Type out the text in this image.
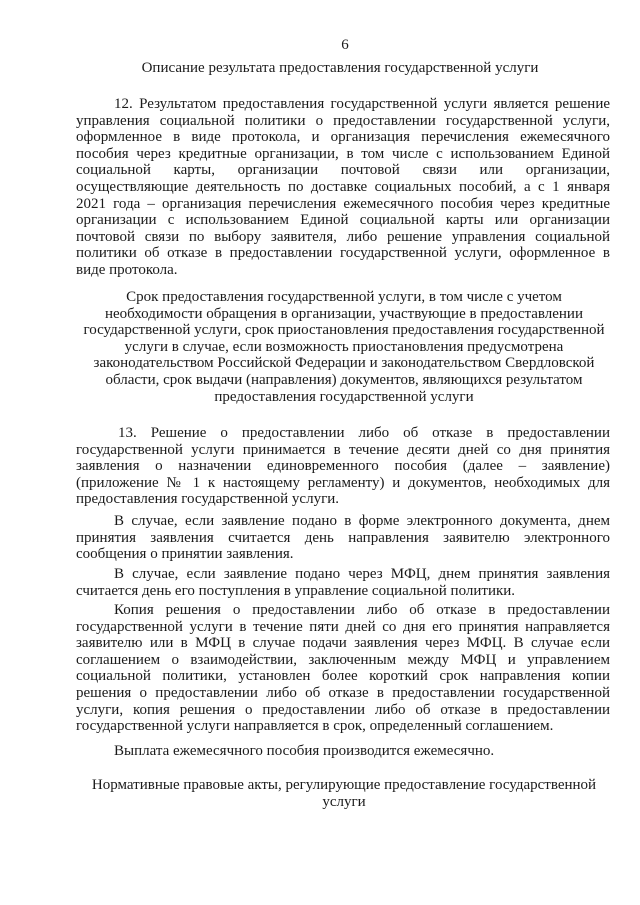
6
Описание результата предоставления государственной услуги

12. Результатом предоставления государственной услуги является решение управления социальной политики о предоставлении государственной услуги, оформленное в виде протокола, и организация перечисления ежемесячного пособия через кредитные организации, в том числе с использованием Единой социальной карты, организации почтовой связи или организации, осуществляющие деятельность по доставке социальных пособий, а с 1 января 2021 года – организация перечисления ежемесячного пособия через кредитные организации с использованием Единой социальной карты или организации почтовой связи по выбору заявителя, либо решение управления социальной политики об отказе в предоставлении государственной услуги, оформленное в виде протокола.

Срок предоставления государственной услуги, в том числе с учетом необходимости обращения в организации, участвующие в предоставлении государственной услуги, срок приостановления предоставления государственной услуги в случае, если возможность приостановления предусмотрена законодательством Российской Федерации и законодательством Свердловской области, срок выдачи (направления) документов, являющихся результатом предоставления государственной услуги

13. Решение о предоставлении либо об отказе в предоставлении государственной услуги принимается в течение десяти дней со дня принятия заявления о назначении единовременного пособия (далее – заявление) (приложение № 1 к настоящему регламенту) и документов, необходимых для предоставления государственной услуги.

В случае, если заявление подано в форме электронного документа, днем принятия заявления считается день направления заявителю электронного сообщения о принятии заявления.

В случае, если заявление подано через МФЦ, днем принятия заявления считается день его поступления в управление социальной политики.

Копия решения о предоставлении либо об отказе в предоставлении государственной услуги в течение пяти дней со дня его принятия направляется заявителю или в МФЦ в случае подачи заявления через МФЦ. В случае если соглашением о взаимодействии, заключенным между МФЦ и управлением социальной политики, установлен более короткий срок направления копии решения о предоставлении либо об отказе в предоставлении государственной услуги, копия решения о предоставлении либо об отказе в предоставлении государственной услуги направляется в срок, определенный соглашением.

Выплата ежемесячного пособия производится ежемесячно.

Нормативные правовые акты, регулирующие предоставление государственной услуги
